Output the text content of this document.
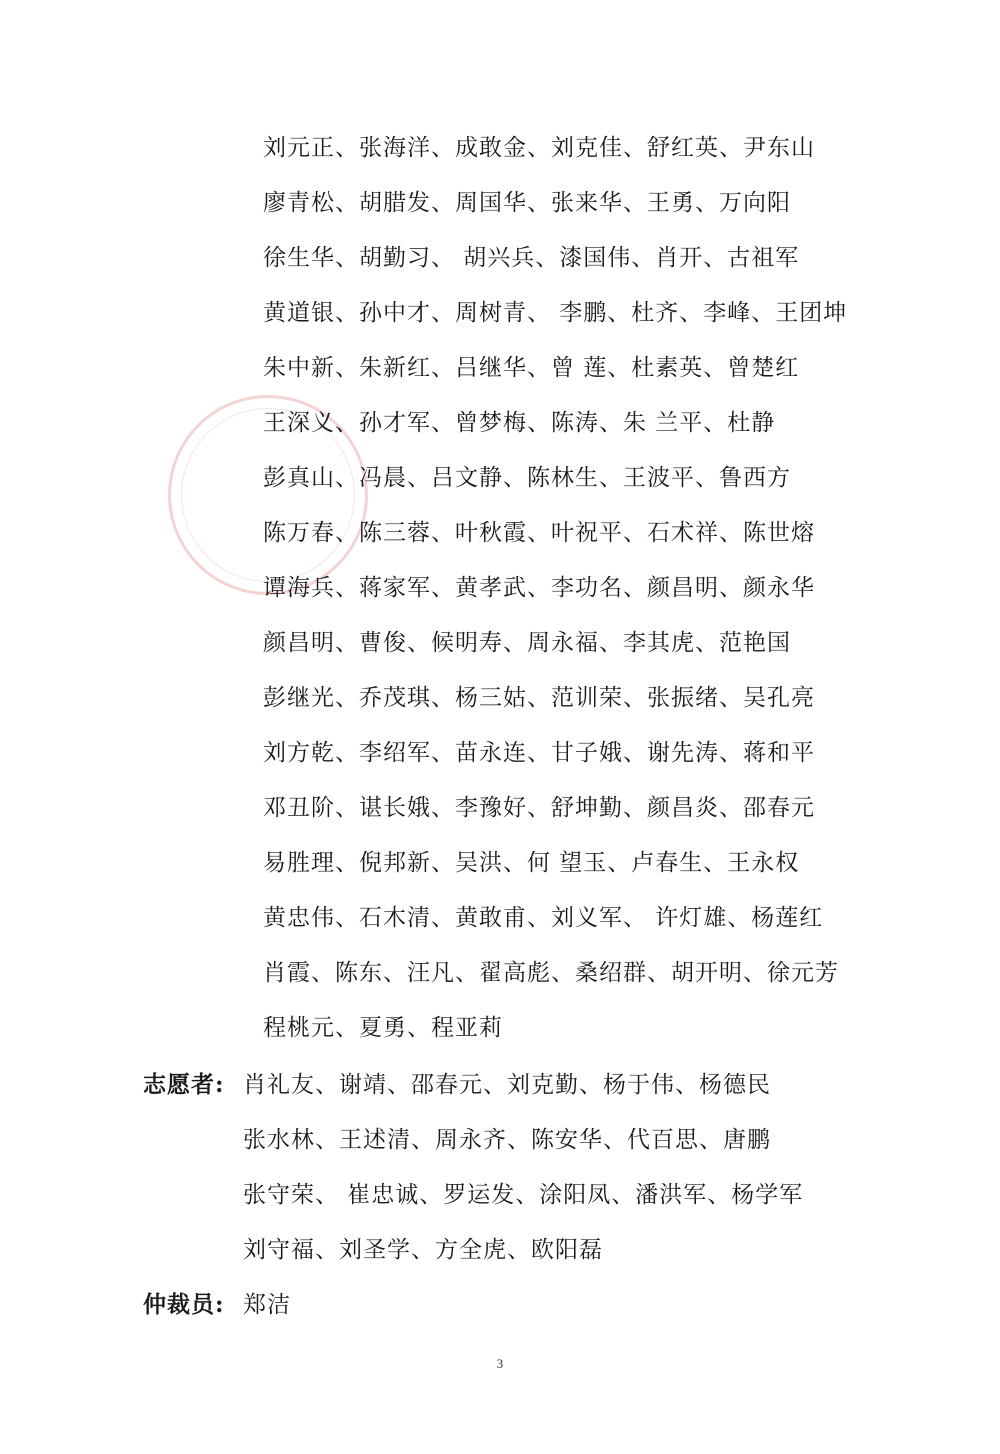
刘元正、张海洋、成敢金、刘克佳、舒红英、尹东山
廖青松、胡腊发、周国华、张来华、王勇、万向阳
徐生华、胡勤习、 胡兴兵、漆国伟、肖开、古祖军
黄道银、孙中才、周树青、 李鹏、杜齐、李峰、王团坤
朱中新、朱新红、吕继华、曾 莲、杜素英、曾楚红
王深义、孙才军、曾梦梅、陈涛、朱 兰平、杜静
彭真山、冯晨、吕文静、陈林生、王波平、鲁西方
陈万春、陈三蓉、叶秋霞、叶祝平、石术祥、陈世熔
谭海兵、蒋家军、黄孝武、李功名、颜昌明、颜永华
颜昌明、曹俊、候明寿、周永福、李其虎、范艳国
彭继光、乔茂琪、杨三姑、范训荣、张振绪、吴孔亮
刘方乾、李绍军、苗永连、甘子娥、谢先涛、蒋和平
邓丑阶、谌长娥、李豫好、舒坤勤、颜昌炎、邵春元
易胜理、倪邦新、吴洪、何 望玉、卢春生、王永权
黄忠伟、石木清、黄敢甫、刘义军、 许灯雄、杨莲红
肖霞、陈东、汪凡、翟高彪、桑绍群、胡开明、徐元芳
程桃元、夏勇、程亚莉
志愿者: 肖礼友、谢靖、邵春元、刘克勤、杨于伟、杨德民
张水林、王述清、周永齐、陈安华、代百思、唐鹏
张守荣、 崔忠诚、罗运发、涂阳凤、潘洪军、杨学军
刘守福、刘圣学、方全虎、欧阳磊
仲裁员: 郑洁
3
